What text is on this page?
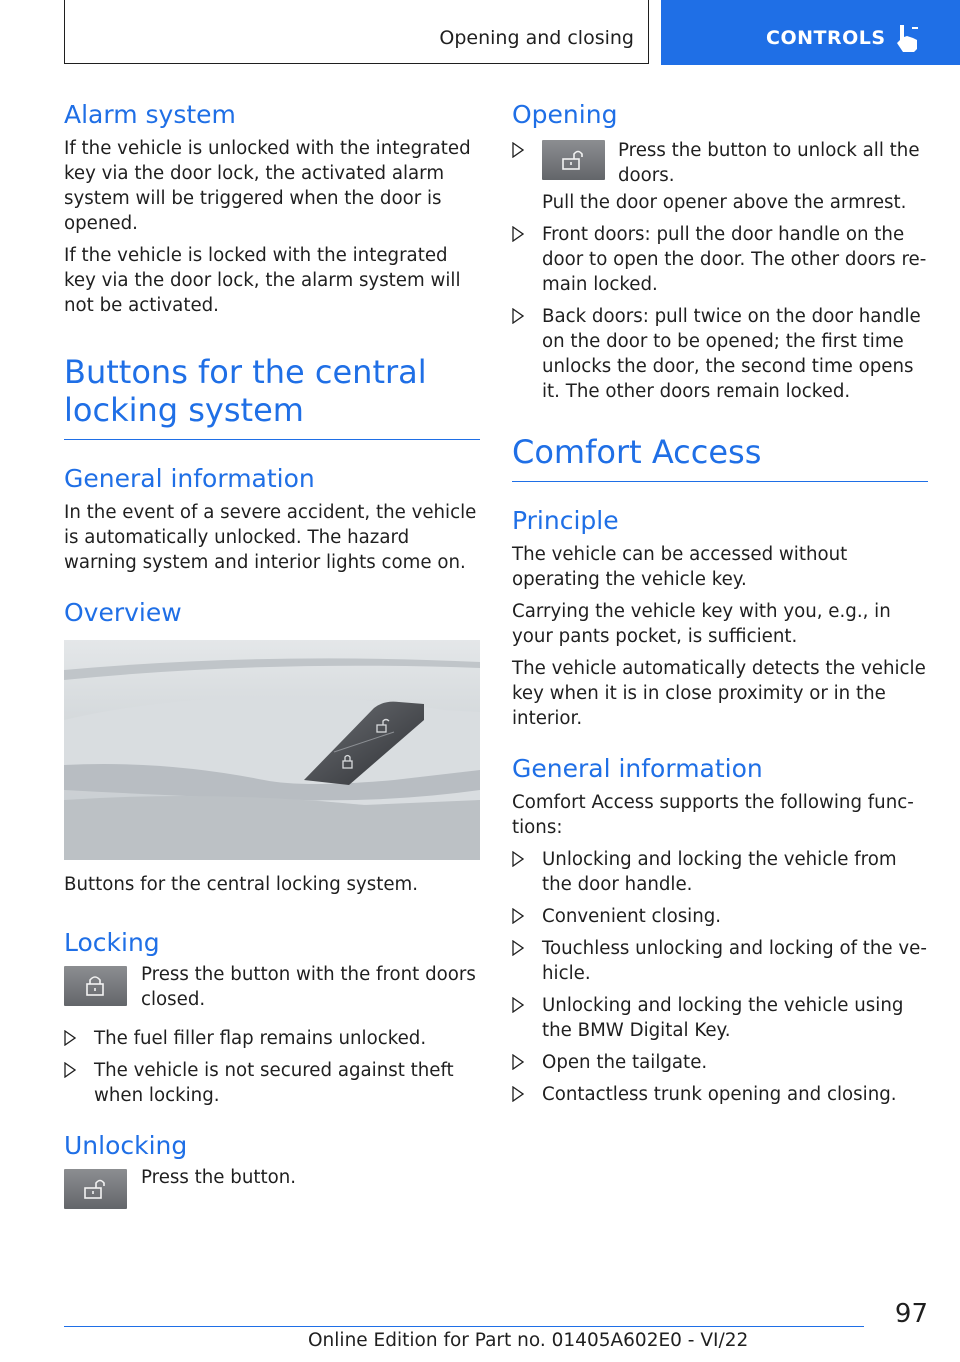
Opening and closing	CONTROLS
Alarm system

If the vehicle is unlocked with the integrated key via the door lock, the activated alarm system will be triggered when the door is opened.

If the vehicle is locked with the integrated key via the door lock, the alarm system will not be activated.

Buttons for the central locking system
General information

In the event of a severe accident, the vehicle is automatically unlocked. The hazard warning system and interior lights come on.

Overview

Buttons for the central locking system.

Locking

Press the button with the front doors closed.

The fuel filler flap remains unlocked.
The vehicle is not secured against theft when locking.
Unlocking

Press the button.

Opening

Press the button to unlock all the doors.

Pull the door opener above the armrest.

Front doors: pull the door handle on the door to open the door. The other doors remain locked.
Back doors: pull twice on the door handle on the door to be opened; the first time unlocks the door, the second time opens it. The other doors remain locked.
Comfort Access
Principle

The vehicle can be accessed without operating the vehicle key.

Carrying the vehicle key with you, e.g., in your pants pocket, is sufficient.

The vehicle automatically detects the vehicle key when it is in close proximity or in the interior.

General information

Comfort Access supports the following functions:

Unlocking and locking the vehicle from the door handle.
Convenient closing.
Touchless unlocking and locking of the vehicle.
Unlocking and locking the vehicle using the BMW Digital Key.
Open the tailgate.
Contactless trunk opening and closing.
97
Online Edition for Part no. 01405A602E0 - VI/22
